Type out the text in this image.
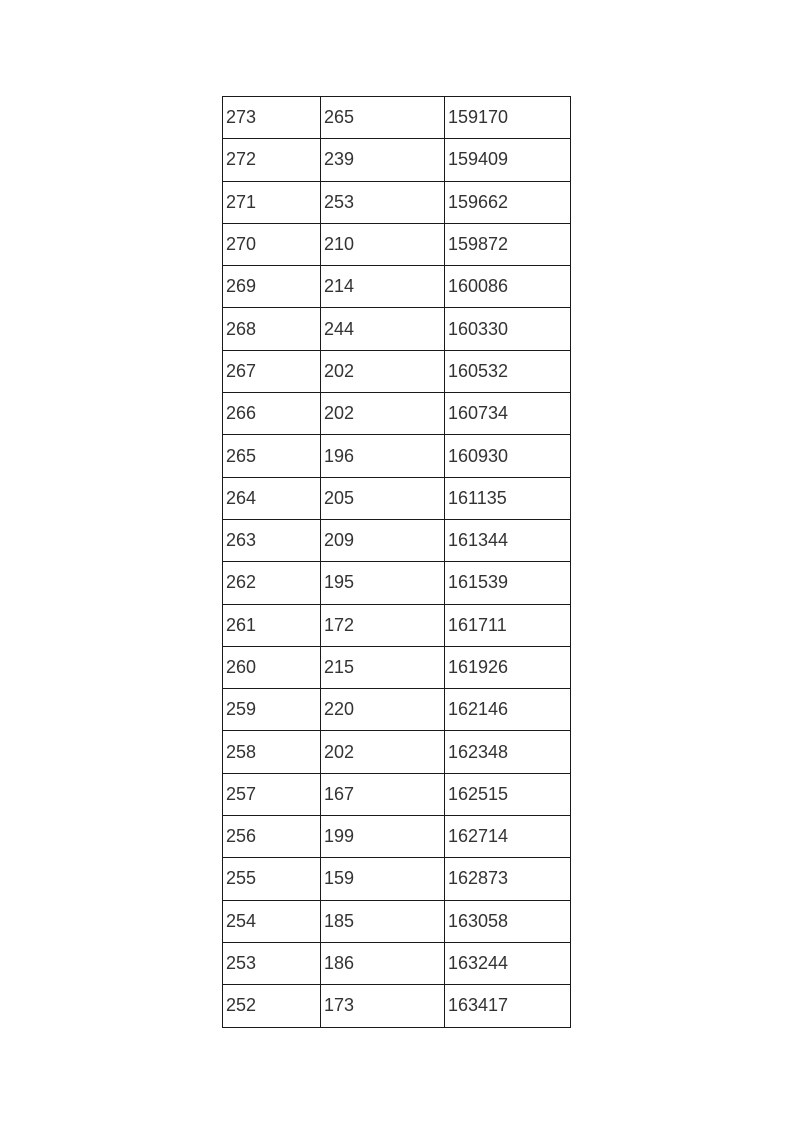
273	265	159170
272	239	159409
271	253	159662
270	210	159872
269	214	160086
268	244	160330
267	202	160532
266	202	160734
265	196	160930
264	205	161135
263	209	161344
262	195	161539
261	172	161711
260	215	161926
259	220	162146
258	202	162348
257	167	162515
256	199	162714
255	159	162873
254	185	163058
253	186	163244
252	173	163417
